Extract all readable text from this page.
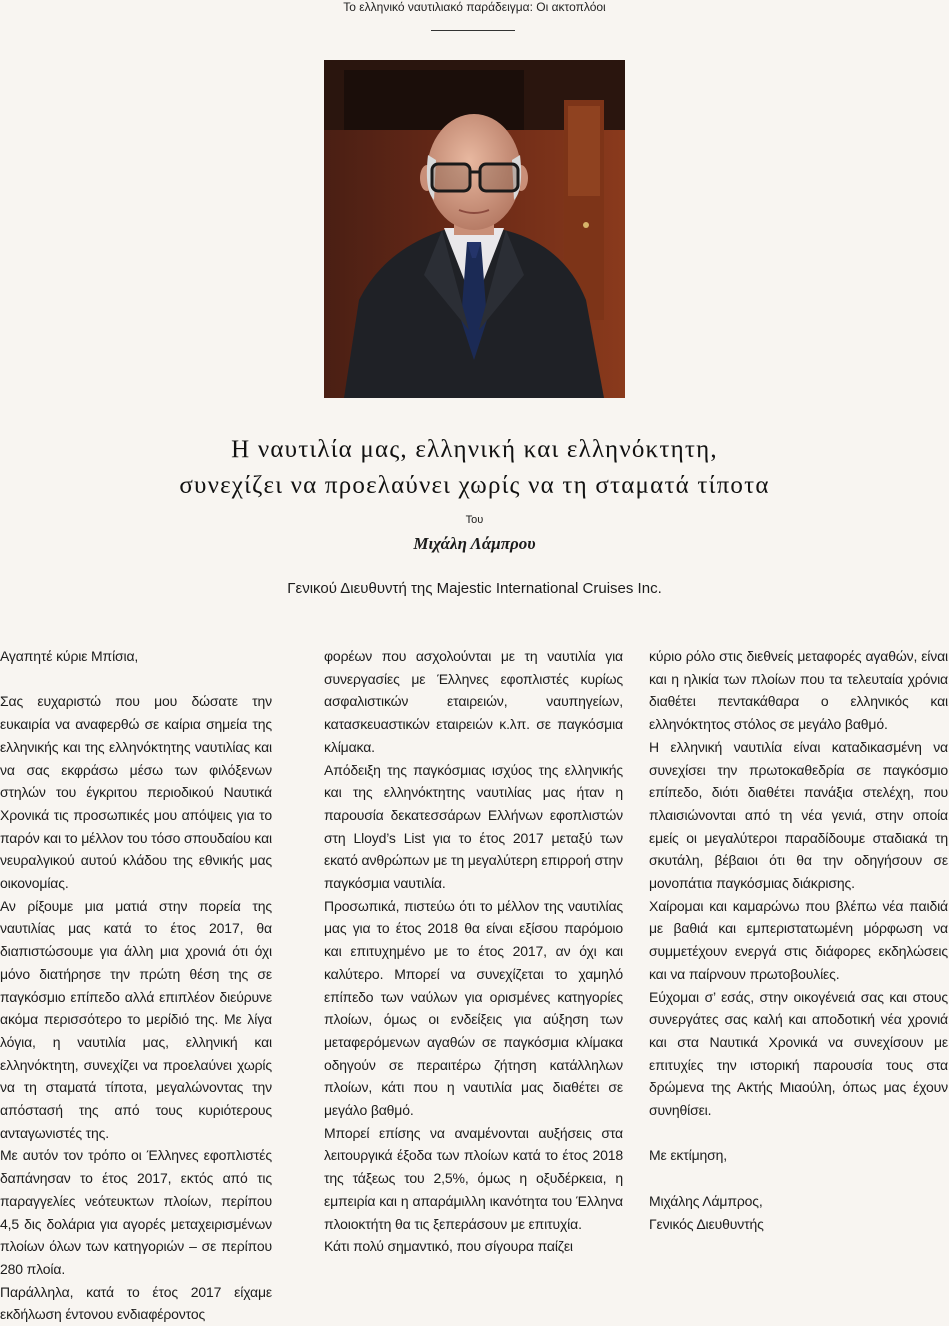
Το ελληνικό ναυτιλιακό παράδειγμα: Οι ακτοπλόοι
Η ναυτιλία μας, ελληνική και ελληνόκτητη,
συνεχίζει να προελαύνει χωρίς να τη σταματά τίποτα
Του
Μιχάλη Λάμπρου
Γενικού Διευθυντή της Majestic International Cruises Inc.

Αγαπητέ κύριε Μπίσια,

Σας ευχαριστώ που μου δώσατε την ευκαιρία να αναφερθώ σε καίρια σημεία της ελληνικής και της ελληνόκτητης ναυτιλίας και να σας εκφράσω μέσω των φιλόξενων στηλών του έγκριτου περιοδικού Ναυτικά Χρονικά τις προσωπικές μου απόψεις για το παρόν και το μέλλον του τόσο σπουδαίου και νευραλγικού αυτού κλάδου της εθνικής μας οικονομίας.

Αν ρίξουμε μια ματιά στην πορεία της ναυτιλίας μας κατά το έτος 2017, θα διαπιστώσουμε για άλλη μια χρονιά ότι όχι μόνο διατήρησε την πρώτη θέση της σε παγκόσμιο επίπεδο αλλά επιπλέον διεύρυνε ακόμα περισσότερο το μερίδιό της. Με λίγα λόγια, η ναυτιλία μας, ελληνική και ελληνόκτητη, συνεχίζει να προελαύνει χωρίς να τη σταματά τίποτα, μεγαλώνοντας την απόστασή της από τους κυριότερους ανταγωνιστές της.

Με αυτόν τον τρόπο οι Έλληνες εφοπλιστές δαπάνησαν το έτος 2017, εκτός από τις παραγγελίες νεότευκτων πλοίων, περίπου 4,5 δις δολάρια για αγορές μεταχειρισμένων πλοίων όλων των κατηγοριών – σε περίπου 280 πλοία.

Παράλληλα, κατά το έτος 2017 είχαμε εκδήλωση έντονου ενδιαφέροντος

φορέων που ασχολούνται με τη ναυτιλία για συνεργασίες με Έλληνες εφοπλιστές κυρίως ασφαλιστικών εταιρειών, ναυπηγείων, κατασκευαστικών εταιρειών κ.λπ. σε παγκόσμια κλίμακα.

Απόδειξη της παγκόσμιας ισχύος της ελληνικής και της ελληνόκτητης ναυτιλίας μας ήταν η παρουσία δεκατεσσάρων Ελλήνων εφοπλιστών στη Lloyd’s List για το έτος 2017 μεταξύ των εκατό ανθρώπων με τη μεγαλύτερη επιρροή στην παγκόσμια ναυτιλία.

Προσωπικά, πιστεύω ότι το μέλλον της ναυτιλίας μας για το έτος 2018 θα είναι εξίσου παρόμοιο και επιτυχημένο με το έτος 2017, αν όχι και καλύτερο. Μπορεί να συνεχίζεται το χαμηλό επίπεδο των ναύλων για ορισμένες κατηγορίες πλοίων, όμως οι ενδείξεις για αύξηση των μεταφερόμενων αγαθών σε παγκόσμια κλίμακα οδηγούν σε περαιτέρω ζήτηση κατάλληλων πλοίων, κάτι που η ναυτιλία μας διαθέτει σε μεγάλο βαθμό.

Μπορεί επίσης να αναμένονται αυξήσεις στα λειτουργικά έξοδα των πλοίων κατά το έτος 2018 της τάξεως του 2,5%, όμως η οξυδέρκεια, η εμπειρία και η απαράμιλλη ικανότητα του Έλληνα πλοιοκτήτη θα τις ξεπεράσουν με επιτυχία.

Κάτι πολύ σημαντικό, που σίγουρα παίζει

κύριο ρόλο στις διεθνείς μεταφορές αγαθών, είναι και η ηλικία των πλοίων που τα τελευταία χρόνια διαθέτει πεντακάθαρα ο ελληνικός και ελληνόκτητος στόλος σε μεγάλο βαθμό.

Η ελληνική ναυτιλία είναι καταδικασμένη να συνεχίσει την πρωτοκαθεδρία σε παγκόσμιο επίπεδο, διότι διαθέτει πανάξια στελέχη, που πλαισιώνονται από τη νέα γενιά, στην οποία εμείς οι μεγαλύτεροι παραδίδουμε σταδιακά τη σκυτάλη, βέβαιοι ότι θα την οδηγήσουν σε μονοπάτια παγκόσμιας διάκρισης.

Χαίρομαι και καμαρώνω που βλέπω νέα παιδιά με βαθιά και εμπεριστατωμένη μόρφωση να συμμετέχουν ενεργά στις διάφορες εκδηλώσεις και να παίρνουν πρωτοβουλίες.

Εύχομαι σ’ εσάς, στην οικογένειά σας και στους συνεργάτες σας καλή και αποδοτική νέα χρονιά και στα Ναυτικά Χρονικά να συνεχίσουν με επιτυχίες την ιστορική παρουσία τους στα δρώμενα της Ακτής Μιαούλη, όπως μας έχουν συνηθίσει.

Με εκτίμηση,

Μιχάλης Λάμπρος,

Γενικός Διευθυντής
